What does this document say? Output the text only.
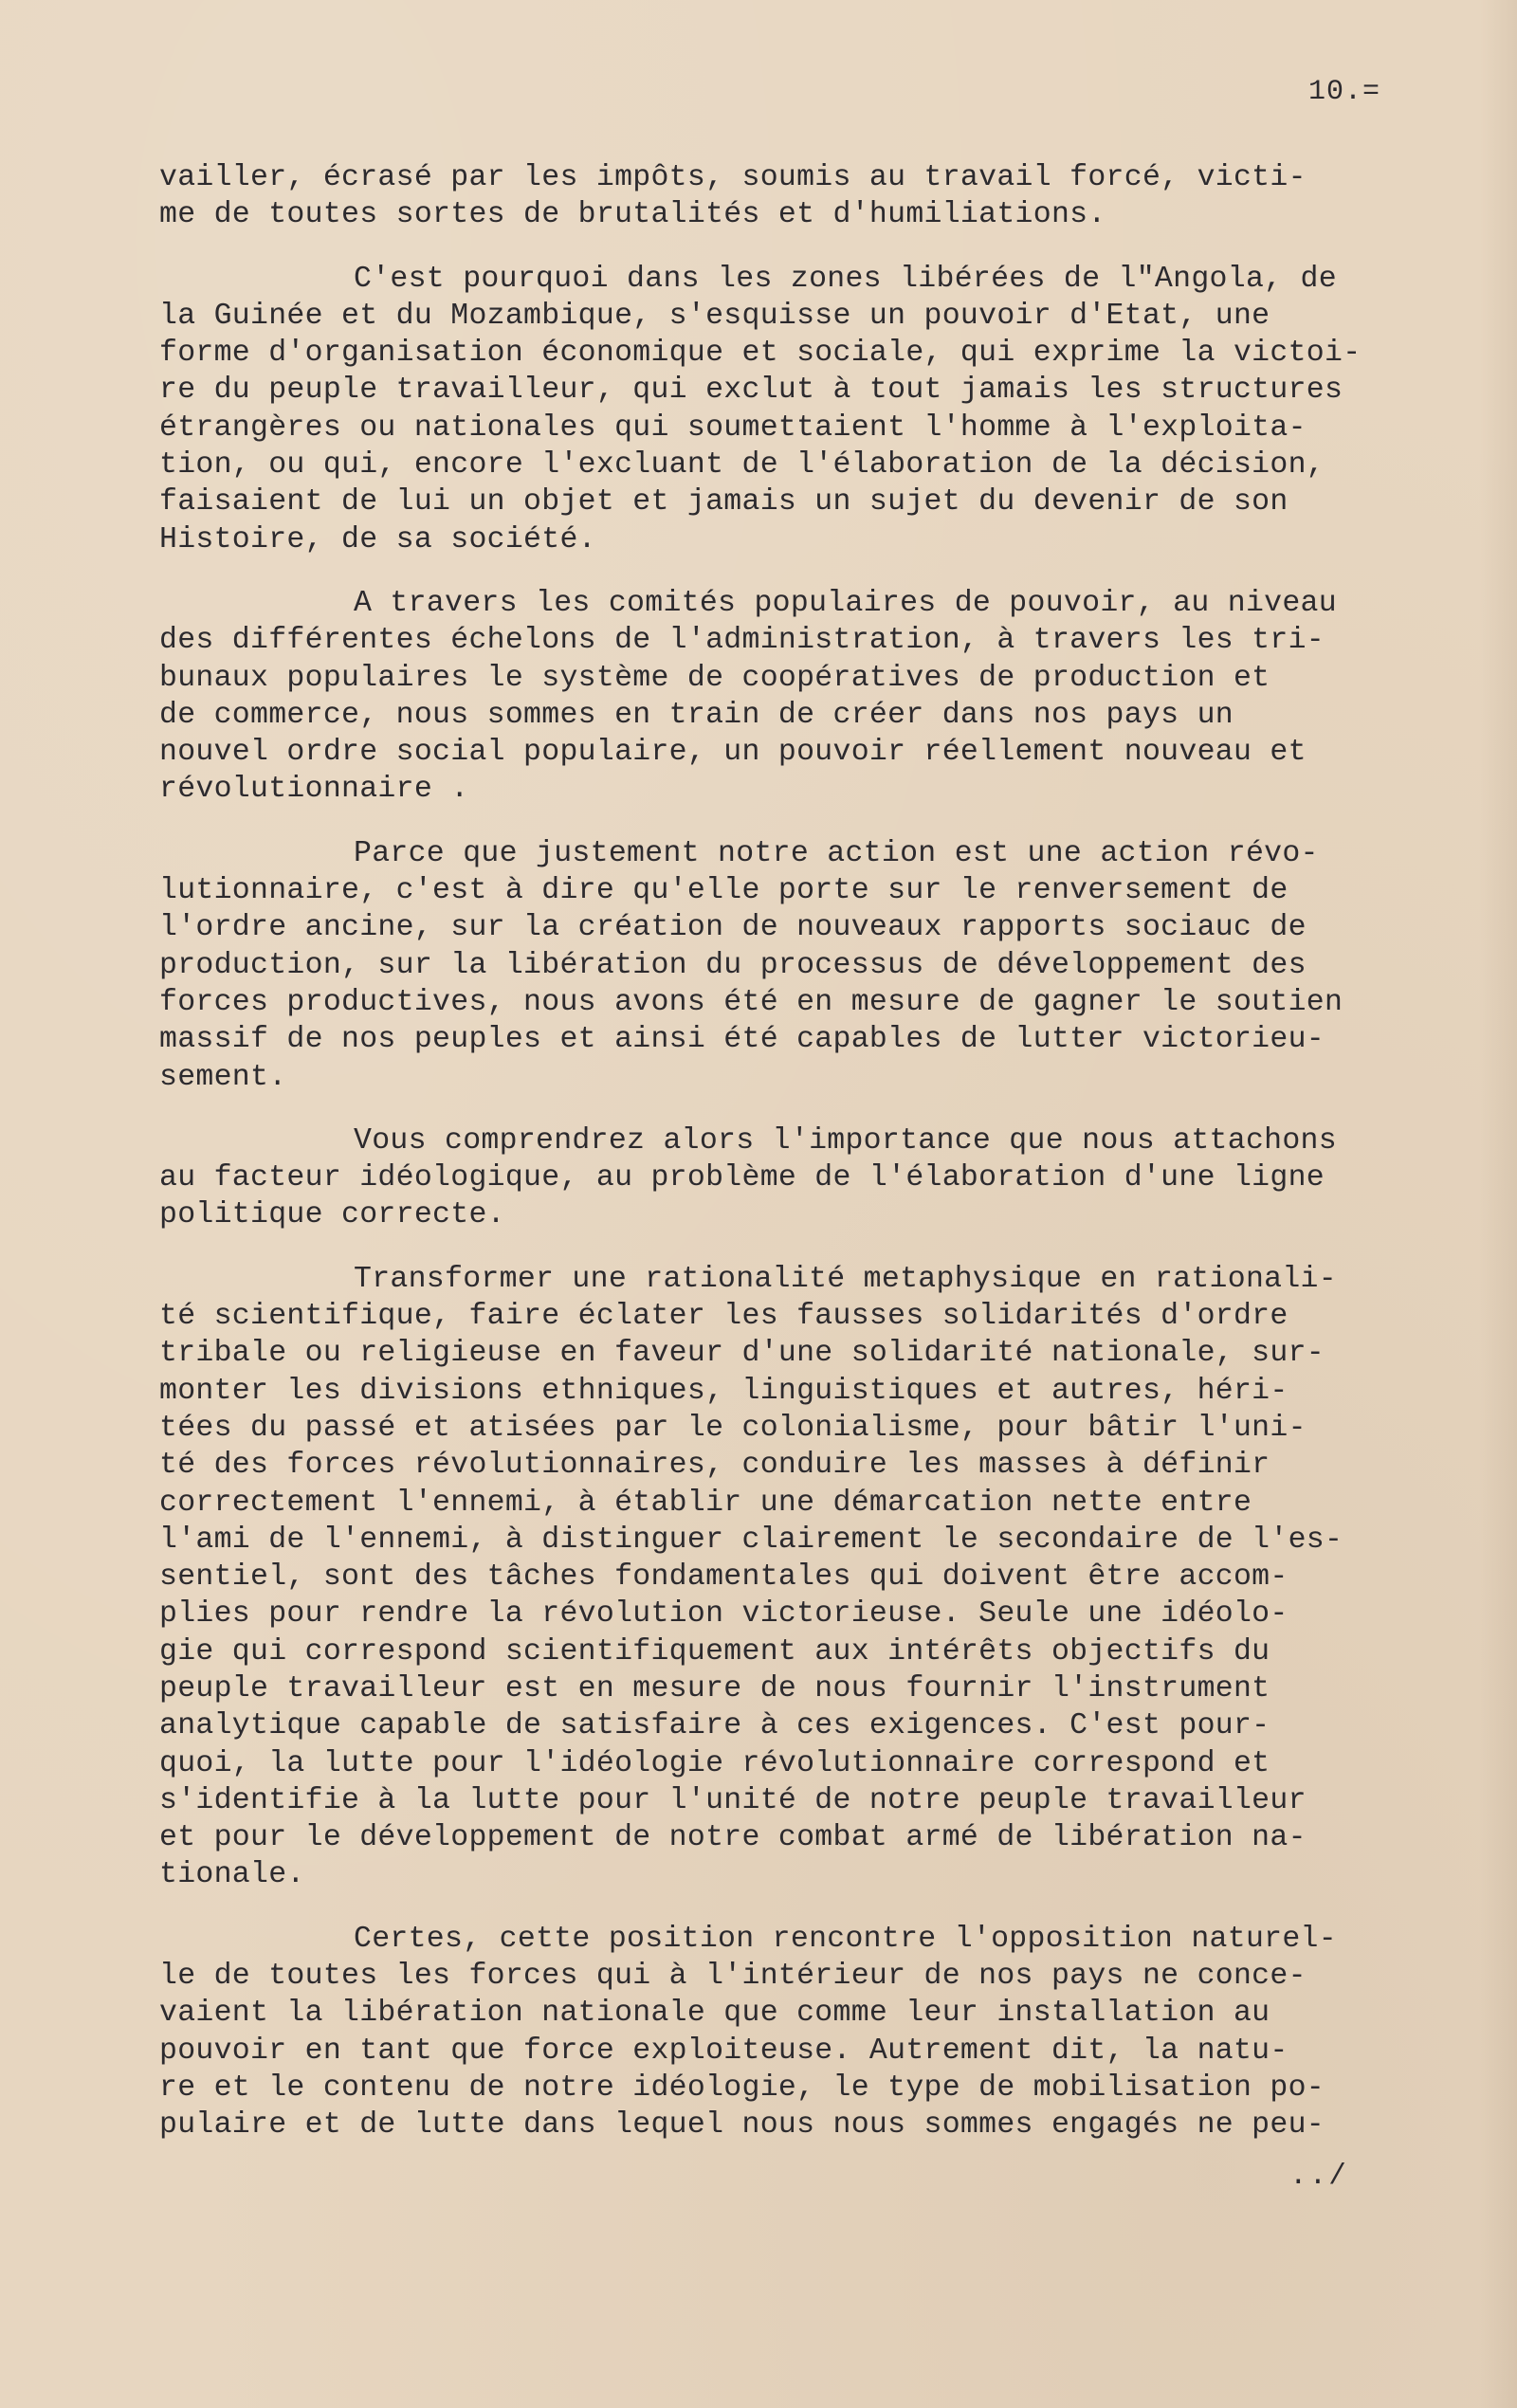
10.=

vailler, écrasé par les impôts, soumis au travail forcé, victi-
me de toutes sortes de brutalités et d'humiliations.

C'est pourquoi dans les zones libérées de l"Angola, de
la Guinée et du Mozambique, s'esquisse un pouvoir d'Etat, une
forme d'organisation économique et sociale, qui exprime la victoi-
re du peuple travailleur, qui exclut à tout jamais les structures
étrangères ou nationales qui soumettaient l'homme à l'exploita-
tion, ou qui, encore l'excluant de l'élaboration de la décision,
faisaient de lui un objet et jamais un sujet du devenir de son
Histoire, de sa société.

A travers les comités populaires de pouvoir, au niveau
des différentes échelons de l'administration, à travers les tri-
bunaux populaires le système de coopératives de production et
de commerce, nous sommes en train de créer dans nos pays un
nouvel ordre social populaire, un pouvoir réellement nouveau et
révolutionnaire .

Parce que justement notre action est une action révo-
lutionnaire, c'est à dire qu'elle porte sur le renversement de
l'ordre ancine, sur la création de nouveaux rapports sociauc de
production, sur la libération du processus de développement des
forces productives, nous avons été en mesure de gagner le soutien
massif de nos peuples et ainsi été capables de lutter victorieu-
sement.

Vous comprendrez alors l'importance que nous attachons
au facteur idéologique, au problème de l'élaboration d'une ligne
politique correcte.

Transformer une rationalité metaphysique en rationali-
té scientifique, faire éclater les fausses solidarités d'ordre
tribale ou religieuse en faveur d'une solidarité nationale, sur-
monter les divisions ethniques, linguistiques et autres, héri-
tées du passé et atisées par le colonialisme, pour bâtir l'uni-
té des forces révolutionnaires, conduire les masses à définir
correctement l'ennemi, à établir une démarcation nette entre
l'ami de l'ennemi, à distinguer clairement le secondaire de l'es-
sentiel, sont des tâches fondamentales qui doivent être accom-
plies pour rendre la révolution victorieuse. Seule une idéolo-
gie qui correspond scientifiquement aux intérêts objectifs du
peuple travailleur est en mesure de nous fournir l'instrument
analytique capable de satisfaire à ces exigences. C'est pour-
quoi, la lutte pour l'idéologie révolutionnaire correspond et
s'identifie à la lutte pour l'unité de notre peuple travailleur
et pour le développement de notre combat armé de libération na-
tionale.

Certes, cette position rencontre l'opposition naturel-
le de toutes les forces qui à l'intérieur de nos pays ne conce-
vaient la libération nationale que comme leur installation au
pouvoir en tant que force exploiteuse. Autrement dit, la natu-
re et le contenu de notre idéologie, le type de mobilisation po-
pulaire et de lutte dans lequel nous nous sommes engagés ne peu-

../
